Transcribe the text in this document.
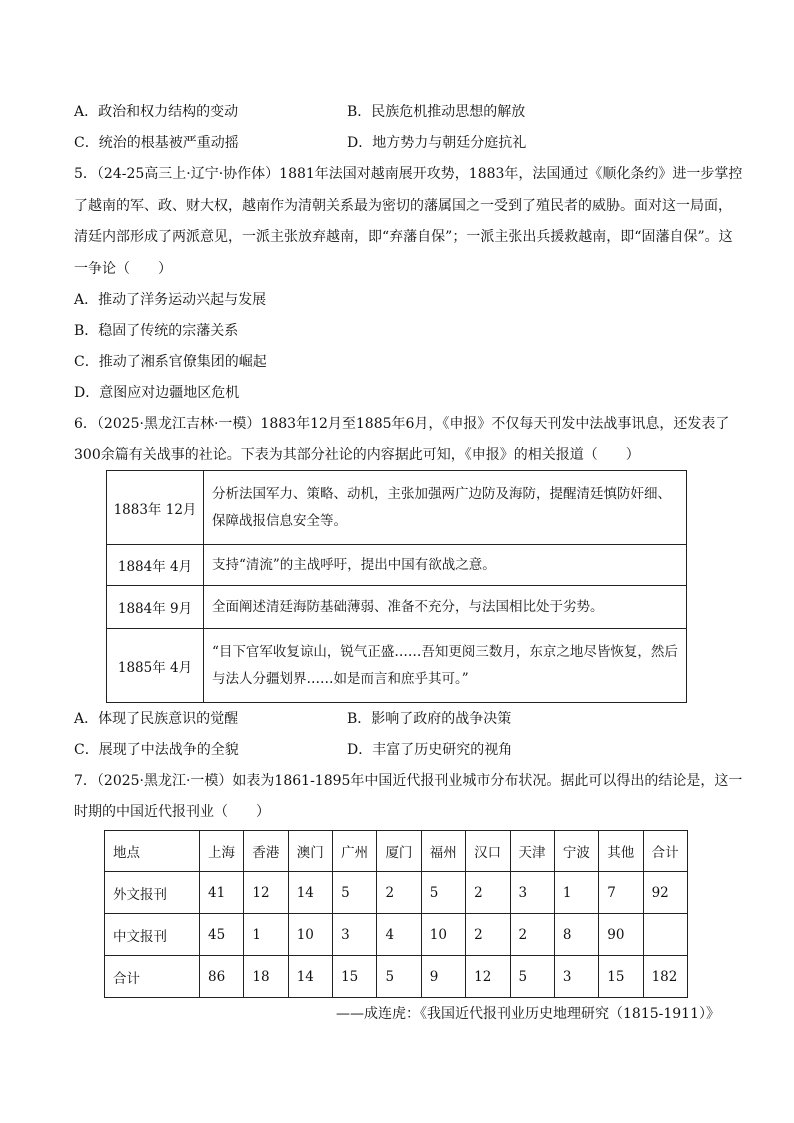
A．政治和权力结构的变动	B．民族危机推动思想的解放
C．统治的根基被严重动摇	D．地方势力与朝廷分庭抗礼
5．（24-25高三上·辽宁·协作体）1881年法国对越南展开攻势，1883年，法国通过《顺化条约》进一步掌控
了越南的军、政、财大权，越南作为清朝关系最为密切的藩属国之一受到了殖民者的威胁。面对这一局面，
清廷内部形成了两派意见，一派主张放弃越南，即“弃藩自保”；一派主张出兵援救越南，即“固藩自保”。这
一争论（　　）
A．推动了洋务运动兴起与发展
B．稳固了传统的宗藩关系
C．推动了湘系官僚集团的崛起
D．意图应对边疆地区危机
6．（2025·黑龙江吉林·一模）1883年12月至1885年6月，《申报》不仅每天刊发中法战事讯息，还发表了
300余篇有关战事的社论。下表为其部分社论的内容据此可知，《申报》的相关报道（　　）
1883年 12月	分析法国军力、策略、动机，主张加强两广边防及海防，提醒清廷慎防奸细、保障战报信息安全等。
1884年 4月	支持“清流”的主战呼吁，提出中国有欲战之意。
1884年 9月	全面阐述清廷海防基础薄弱、准备不充分，与法国相比处于劣势。
1885年 4月	“目下官军收复谅山，锐气正盛……吾知更阅三数月，东京之地尽皆恢复，然后与法人分疆划界……如是而言和庶乎其可。”
A．体现了民族意识的觉醒	B．影响了政府的战争决策
C．展现了中法战争的全貌	D．丰富了历史研究的视角
7．（2025·黑龙江·一模）如表为1861-1895年中国近代报刊业城市分布状况。据此可以得出的结论是，这一
时期的中国近代报刊业（　　）
地点	上海	香港	澳门	广州	厦门	福州	汉口	天津	宁波	其他	合计
外文报刊	41	12	14	5	2	5	2	3	1	7	92
中文报刊	45	1	10	3	4	10	2	2	8	90	
合计	86	18	14	15	5	9	12	5	3	15	182
——成连虎：《我国近代报刊业历史地理研究（1815-1911）》
